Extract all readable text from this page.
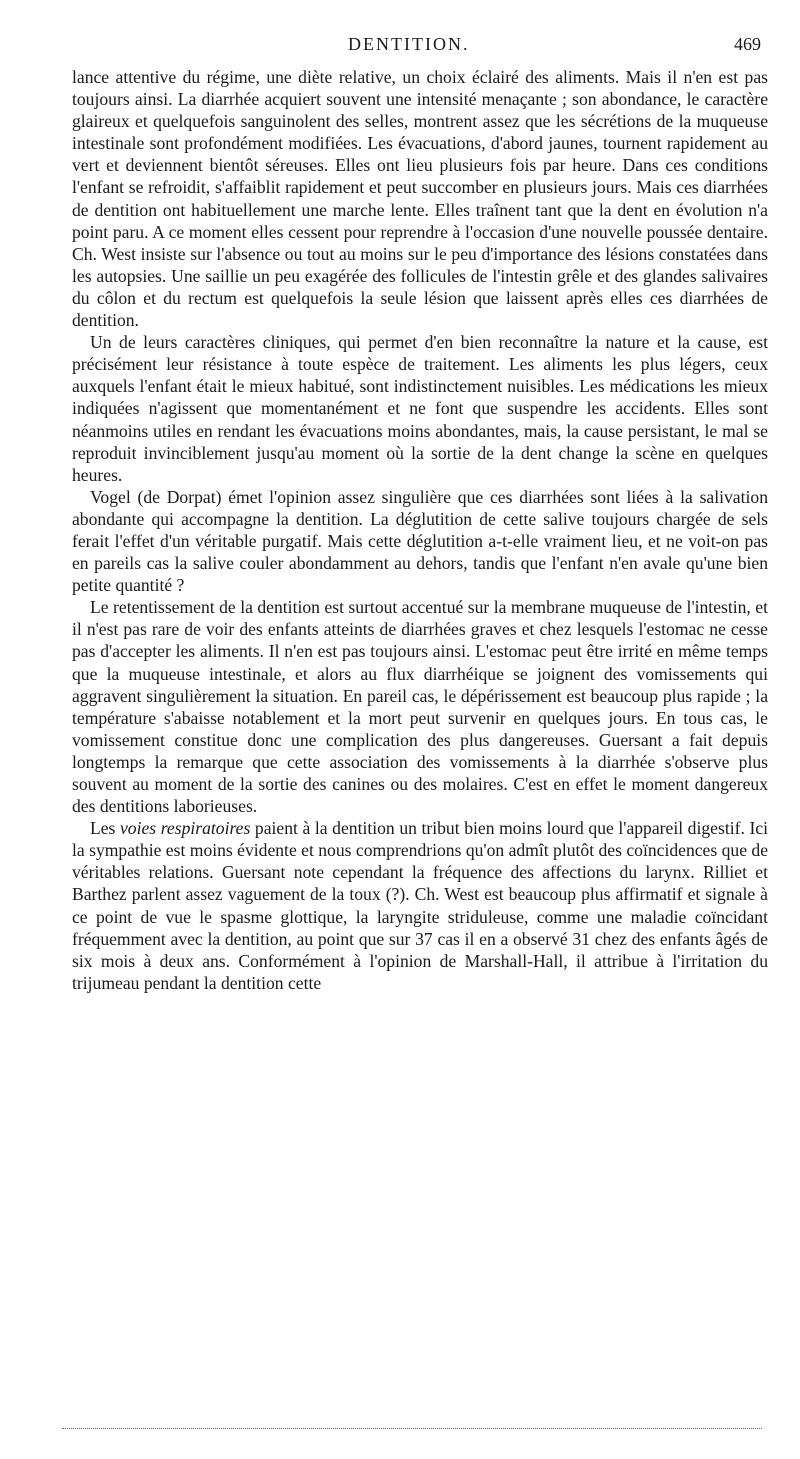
DENTITION.	469

lance attentive du régime, une diète relative, un choix éclairé des aliments. Mais il n'en est pas toujours ainsi. La diarrhée acquiert souvent une intensité menaçante ; son abondance, le caractère glaireux et quelquefois sanguinolent des selles, montrent assez que les sécrétions de la muqueuse intestinale sont profondément modifiées. Les évacuations, d'abord jaunes, tournent rapidement au vert et deviennent bientôt séreuses. Elles ont lieu plusieurs fois par heure. Dans ces conditions l'enfant se refroidit, s'affaiblit rapidement et peut succomber en plusieurs jours. Mais ces diarrhées de dentition ont habituellement une marche lente. Elles traînent tant que la dent en évolution n'a point paru. A ce moment elles cessent pour reprendre à l'occasion d'une nouvelle poussée dentaire. Ch. West insiste sur l'absence ou tout au moins sur le peu d'importance des lésions constatées dans les autopsies. Une saillie un peu exagérée des follicules de l'intestin grêle et des glandes salivaires du côlon et du rectum est quelquefois la seule lésion que laissent après elles ces diarrhées de dentition.

Un de leurs caractères cliniques, qui permet d'en bien reconnaître la nature et la cause, est précisément leur résistance à toute espèce de traitement. Les aliments les plus légers, ceux auxquels l'enfant était le mieux habitué, sont indistinctement nuisibles. Les médications les mieux indiquées n'agissent que momentanément et ne font que suspendre les accidents. Elles sont néanmoins utiles en rendant les évacuations moins abondantes, mais, la cause persistant, le mal se reproduit invinciblement jusqu'au moment où la sortie de la dent change la scène en quelques heures.

Vogel (de Dorpat) émet l'opinion assez singulière que ces diarrhées sont liées à la salivation abondante qui accompagne la dentition. La déglutition de cette salive toujours chargée de sels ferait l'effet d'un véritable purgatif. Mais cette déglutition a-t-elle vraiment lieu, et ne voit-on pas en pareils cas la salive couler abondamment au dehors, tandis que l'enfant n'en avale qu'une bien petite quantité ?

Le retentissement de la dentition est surtout accentué sur la membrane muqueuse de l'intestin, et il n'est pas rare de voir des enfants atteints de diarrhées graves et chez lesquels l'estomac ne cesse pas d'accepter les aliments. Il n'en est pas toujours ainsi. L'estomac peut être irrité en même temps que la muqueuse intestinale, et alors au flux diarrhéique se joignent des vomissements qui aggravent singulièrement la situation. En pareil cas, le dépérissement est beaucoup plus rapide ; la température s'abaisse notablement et la mort peut survenir en quelques jours. En tous cas, le vomissement constitue donc une complication des plus dangereuses. Guersant a fait depuis longtemps la remarque que cette association des vomissements à la diarrhée s'observe plus souvent au moment de la sortie des canines ou des molaires. C'est en effet le moment dangereux des dentitions laborieuses.

Les voies respiratoires paient à la dentition un tribut bien moins lourd que l'appareil digestif. Ici la sympathie est moins évidente et nous comprendrions qu'on admît plutôt des coïncidences que de véritables relations. Guersant note cependant la fréquence des affections du larynx. Rilliet et Barthez parlent assez vaguement de la toux (?). Ch. West est beaucoup plus affirmatif et signale à ce point de vue le spasme glottique, la laryngite striduleuse, comme une maladie coïncidant fréquemment avec la dentition, au point que sur 37 cas il en a observé 31 chez des enfants âgés de six mois à deux ans. Conformément à l'opinion de Marshall-Hall, il attribue à l'irritation du trijumeau pendant la dentition cette
